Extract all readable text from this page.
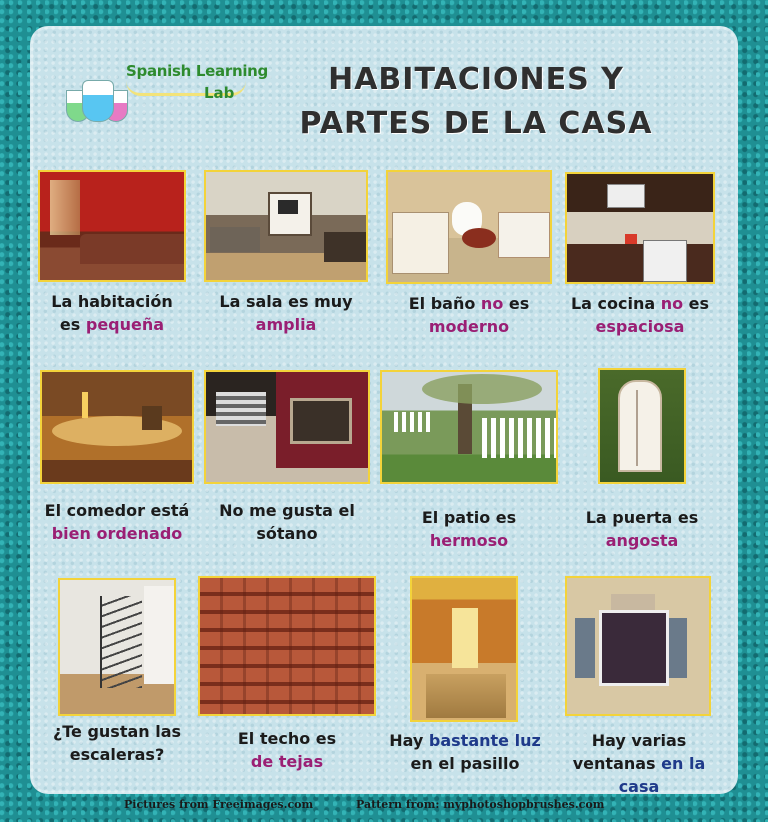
Spanish Learning
Lab	HABITACIONES Y
PARTES DE LA CASA
La habitación
es pequeña
La sala es muy
amplia
El baño no es
moderno
La cocina no es
espaciosa
El comedor está
bien ordenado
No me gusta el
sótano
El patio es
hermoso
La puerta es
angosta
¿Te gustan las
escaleras?
El techo es
de tejas
Hay bastante luz
en el pasillo
Hay varias
ventanas en la
casa
Pictures from Freeimages.com	Pattern from: myphotoshopbrushes.com
